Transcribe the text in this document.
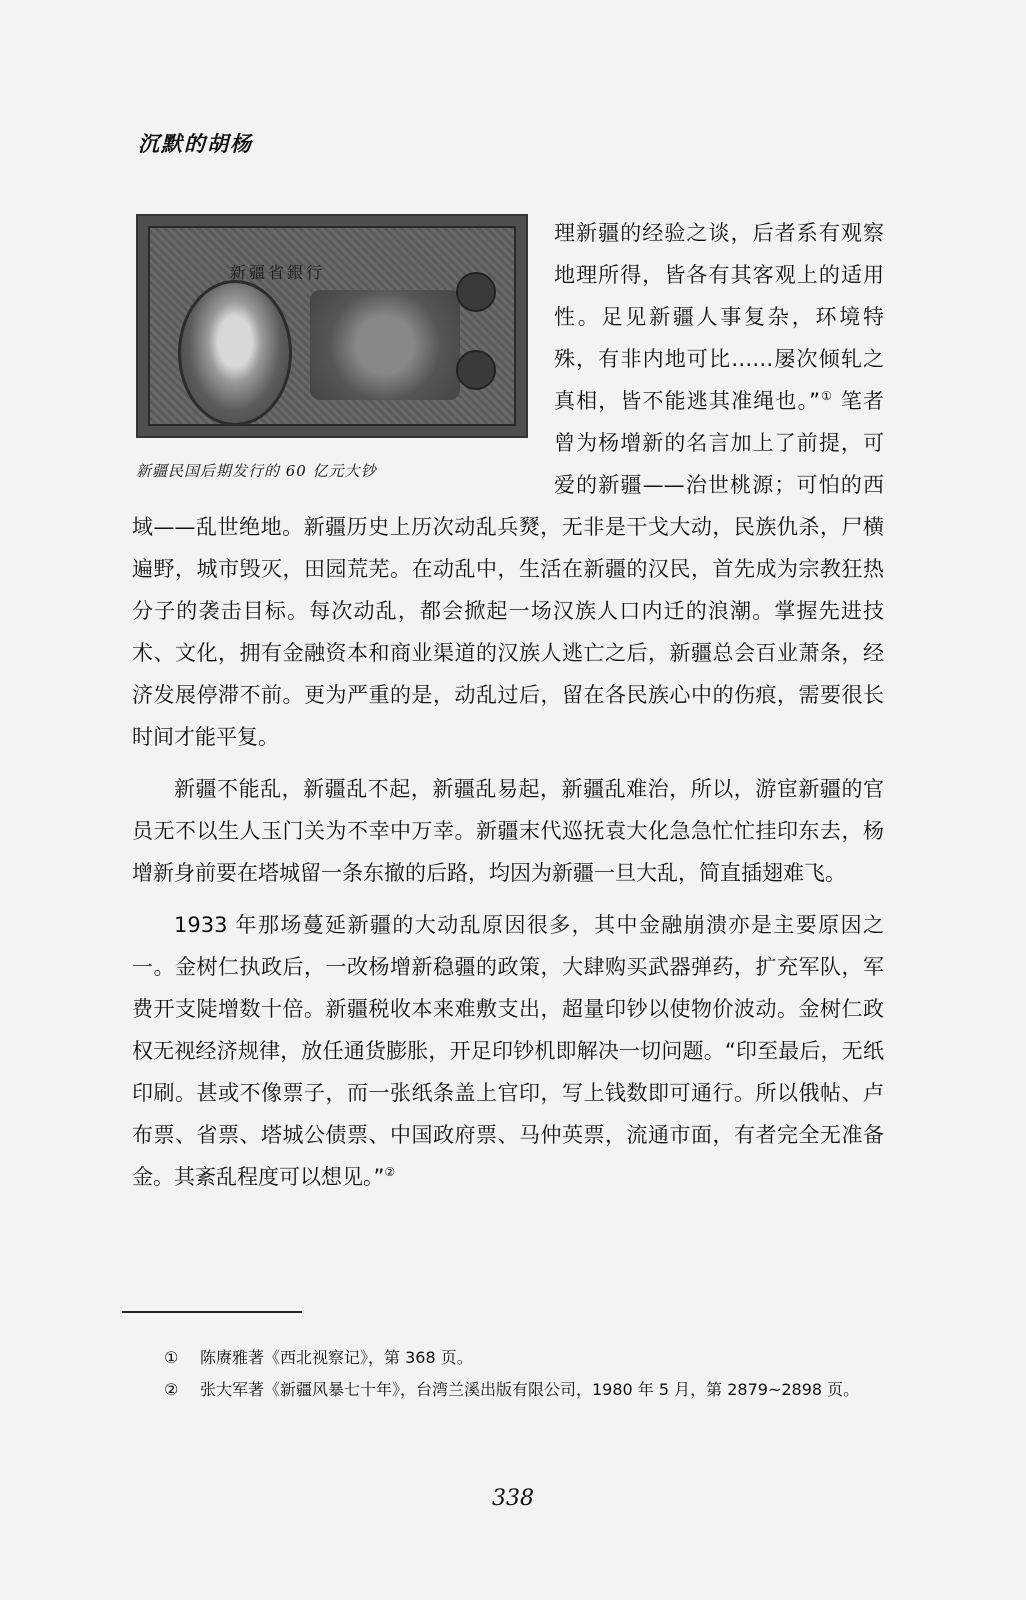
沉默的胡杨
新疆省銀行
新疆民国后期发行的 60 亿元大钞

理新疆的经验之谈，后者系有观察地理所得，皆各有其客观上的适用性。足见新疆人事复杂，环境特殊，有非内地可比……屡次倾轧之真相，皆不能逃其准绳也。”① 笔者曾为杨增新的名言加上了前提，可爱的新疆——治世桃源；可怕的西域——乱世绝地。新疆历史上历次动乱兵燹，无非是干戈大动，民族仇杀，尸横遍野，城市毁灭，田园荒芜。在动乱中，生活在新疆的汉民，首先成为宗教狂热分子的袭击目标。每次动乱，都会掀起一场汉族人口内迁的浪潮。掌握先进技术、文化，拥有金融资本和商业渠道的汉族人逃亡之后，新疆总会百业萧条，经济发展停滞不前。更为严重的是，动乱过后，留在各民族心中的伤痕，需要很长时间才能平复。

新疆不能乱，新疆乱不起，新疆乱易起，新疆乱难治，所以，游宦新疆的官员无不以生人玉门关为不幸中万幸。新疆末代巡抚袁大化急急忙忙挂印东去，杨增新身前要在塔城留一条东撤的后路，均因为新疆一旦大乱，简直插翅难飞。

1933 年那场蔓延新疆的大动乱原因很多，其中金融崩溃亦是主要原因之一。金树仁执政后，一改杨增新稳疆的政策，大肆购买武器弹药，扩充军队，军费开支陡增数十倍。新疆税收本来难敷支出，超量印钞以使物价波动。金树仁政权无视经济规律，放任通货膨胀，开足印钞机即解决一切问题。“印至最后，无纸印刷。甚或不像票子，而一张纸条盖上官印，写上钱数即可通行。所以俄帖、卢布票、省票、塔城公债票、中国政府票、马仲英票，流通市面，有者完全无准备金。其紊乱程度可以想见。”②

①	陈赓雅著《西北视察记》，第 368 页。
②	张大军著《新疆风暴七十年》，台湾兰溪出版有限公司，1980 年 5 月，第 2879~2898 页。
338
